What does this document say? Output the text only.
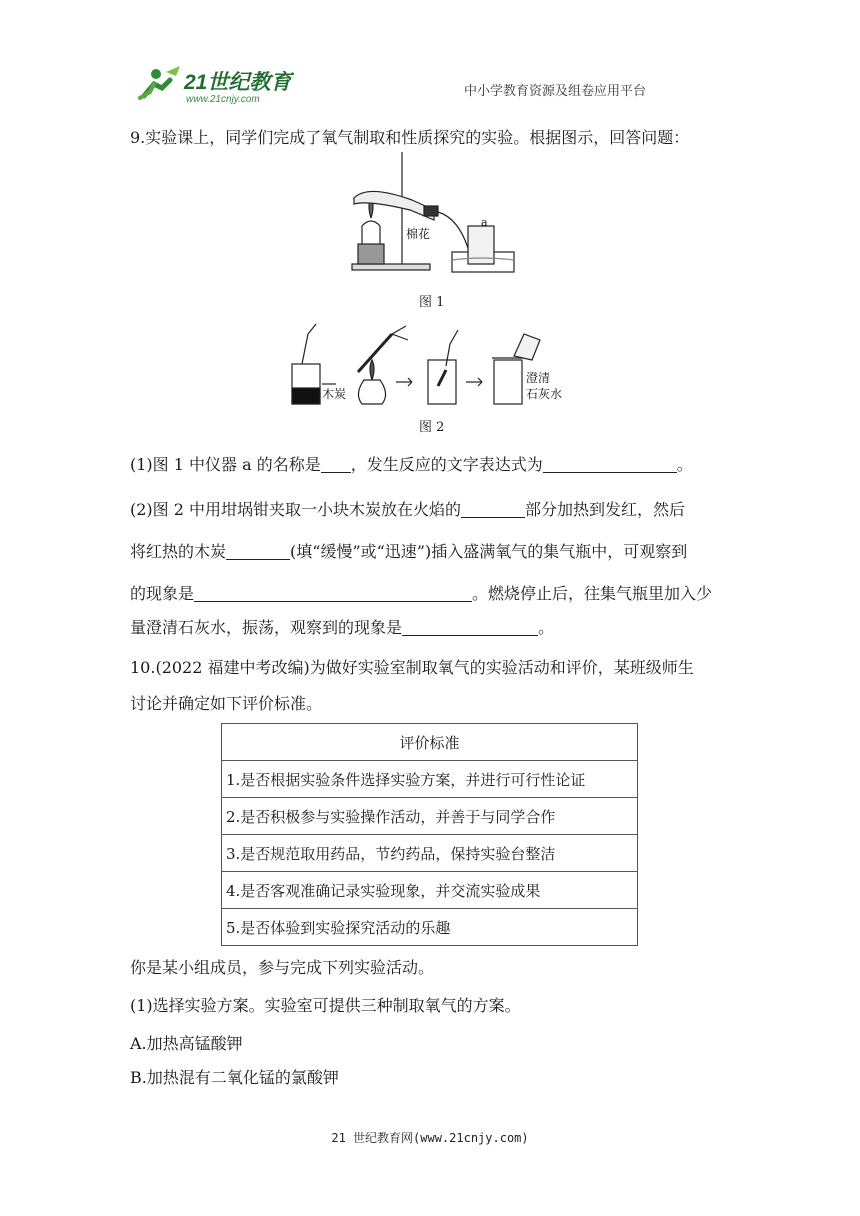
21世纪教育
www.21cnjy.com
中小学教育资源及组卷应用平台
9.实验课上，同学们完成了氧气制取和性质探究的实验。根据图示，回答问题：
棉花
a
图 1
木炭
澄清
石灰水
图 2
(1)图 1 中仪器 a 的名称是 ，发生反应的文字表达式为	。
(2)图 2 中用坩埚钳夹取一小块木炭放在火焰的	部分加热到发红，然后
将红热的木炭	(填“缓慢”或“迅速”)插入盛满氧气的集气瓶中，可观察到
的现象是	。燃烧停止后，往集气瓶里加入少
量澄清石灰水，振荡，观察到的现象是	。
10.(2022 福建中考改编)为做好实验室制取氧气的实验活动和评价，某班级师生
讨论并确定如下评价标准。
评价标准
1.是否根据实验条件选择实验方案，并进行可行性论证
2.是否积极参与实验操作活动，并善于与同学合作
3.是否规范取用药品，节约药品，保持实验台整洁
4.是否客观准确记录实验现象，并交流实验成果
5.是否体验到实验探究活动的乐趣
你是某小组成员，参与完成下列实验活动。
(1)选择实验方案。实验室可提供三种制取氧气的方案。
A.加热高锰酸钾
B.加热混有二氧化锰的氯酸钾
21 世纪教育网(www.21cnjy.com)
